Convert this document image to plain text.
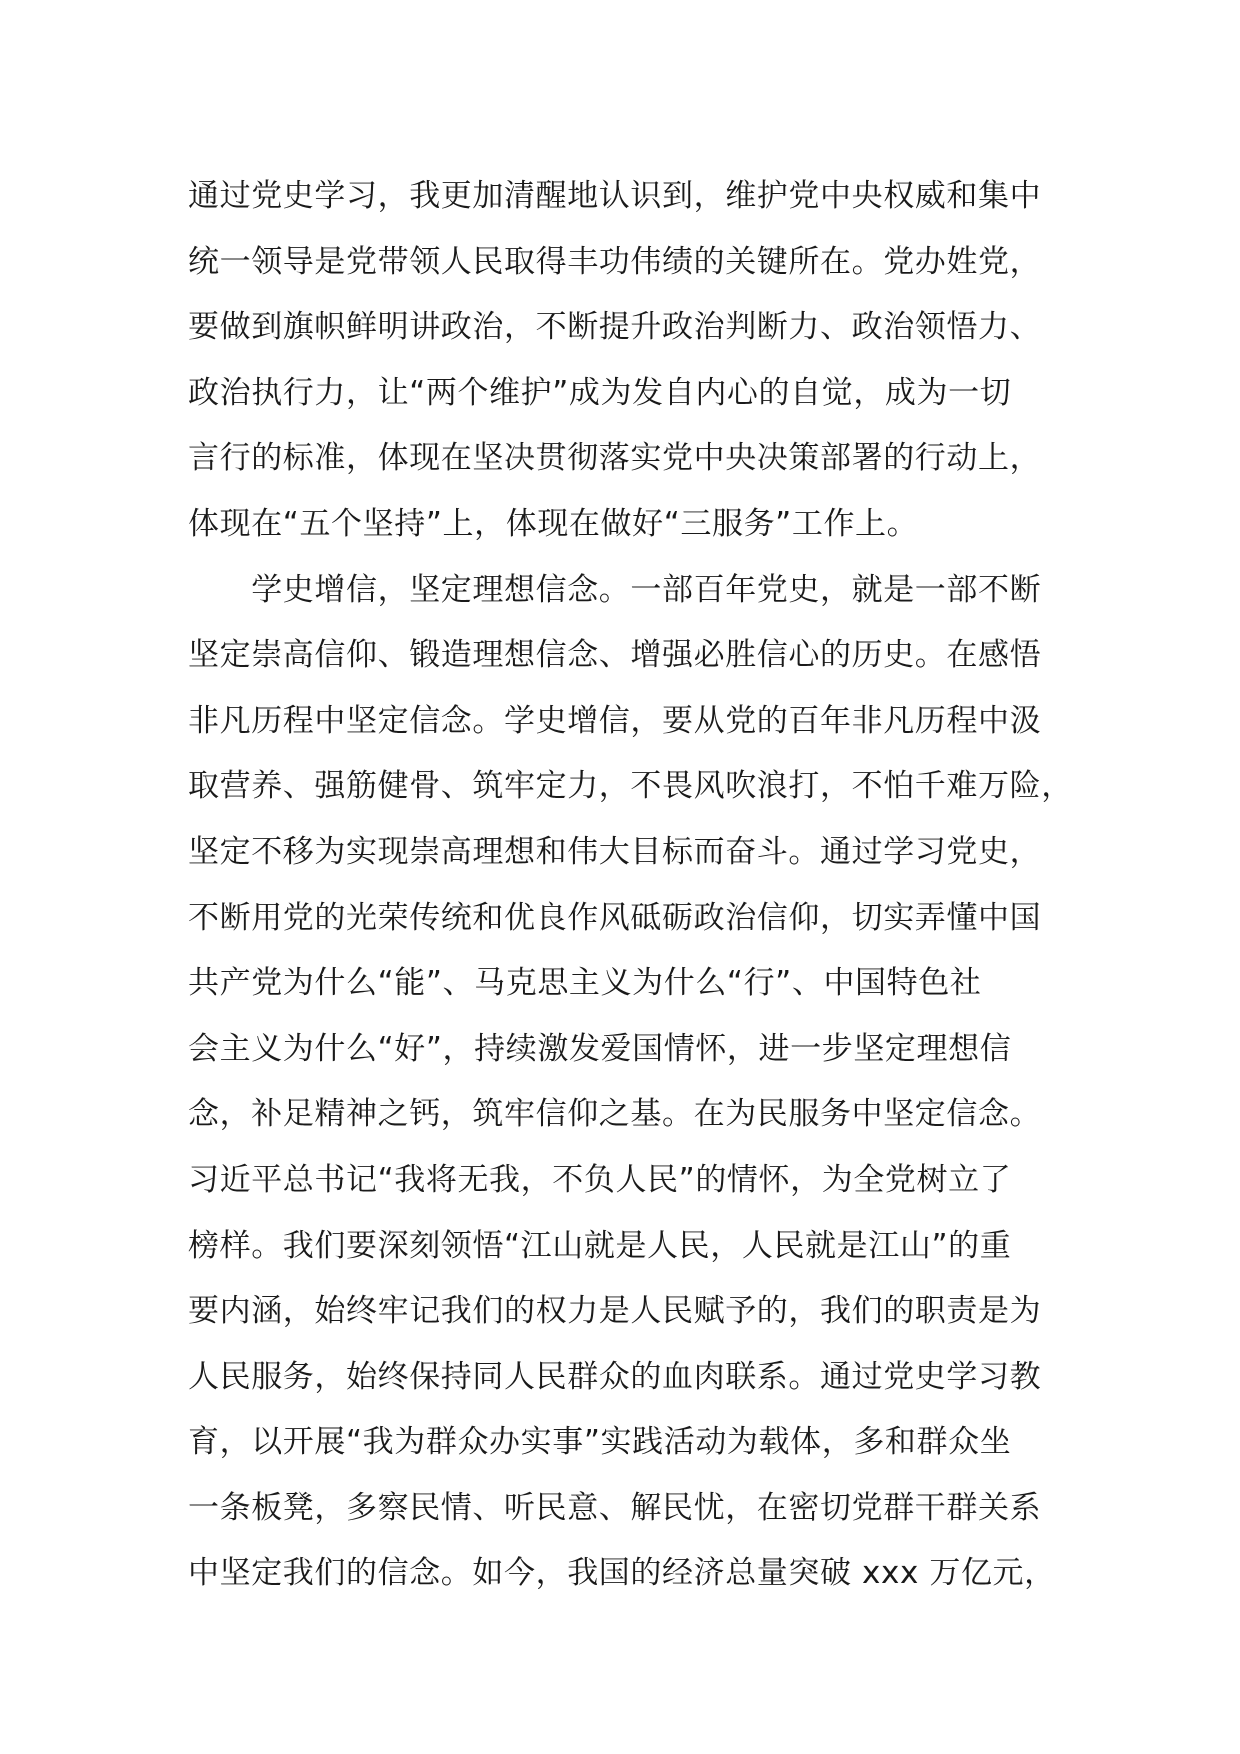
通过党史学习，我更加清醒地认识到，维护党中央权威和集中
统一领导是党带领人民取得丰功伟绩的关键所在。党办姓党，
要做到旗帜鲜明讲政治，不断提升政治判断力、政治领悟力、
政治执行力，让“两个维护”成为发自内心的自觉，成为一切
言行的标准，体现在坚决贯彻落实党中央决策部署的行动上，
体现在“五个坚持”上，体现在做好“三服务”工作上。
　　学史增信，坚定理想信念。一部百年党史，就是一部不断
坚定崇高信仰、锻造理想信念、增强必胜信心的历史。在感悟
非凡历程中坚定信念。学史增信，要从党的百年非凡历程中汲
取营养、强筋健骨、筑牢定力，不畏风吹浪打，不怕千难万险，
坚定不移为实现崇高理想和伟大目标而奋斗。通过学习党史，
不断用党的光荣传统和优良作风砥砺政治信仰，切实弄懂中国
共产党为什么“能”、马克思主义为什么“行”、中国特色社
会主义为什么“好”，持续激发爱国情怀，进一步坚定理想信
念，补足精神之钙，筑牢信仰之基。在为民服务中坚定信念。
习近平总书记“我将无我，不负人民”的情怀，为全党树立了
榜样。我们要深刻领悟“江山就是人民，人民就是江山”的重
要内涵，始终牢记我们的权力是人民赋予的，我们的职责是为
人民服务，始终保持同人民群众的血肉联系。通过党史学习教
育，以开展“我为群众办实事”实践活动为载体，多和群众坐
一条板凳，多察民情、听民意、解民忧，在密切党群干群关系
中坚定我们的信念。如今，我国的经济总量突破 xxx 万亿元，
